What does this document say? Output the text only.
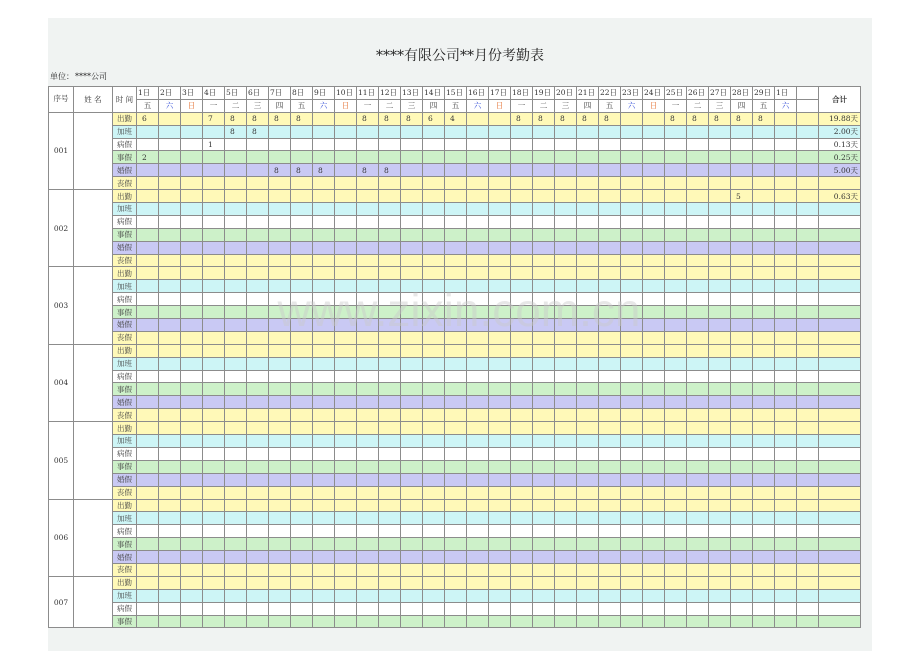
****有限公司**月份考勤表
单位：****公司
序号	姓 名	时 间	1日	2日	3日	4日	5日	6日	7日	8日	9日	10日	11日	12日	13日	14日	15日	16日	17日	18日	19日	20日	21日	22日	23日	24日	25日	26日	27日	28日	29日	1日		合计
			五	六	日	一	二	三	四	五	六	日	一	二	三	四	五	六	日	一	二	三	四	五	六	日	一	二	三	四	五	六		
001		出勤	6			7	8	8	8	8			8	8	8	6	4			8	8	8	8	8			8	8	8	8	8			19.88天
		加班					8	8																										2.00天
		病假				1																												0.13天
		事假	2																															0.25天
		婚假							8	8	8		8	8																				5.00天
		丧假																																
002		出勤																												5				0.63天
		加班																																
		病假																																
		事假																																
		婚假																																
		丧假																																
003		出勤																																
		加班																																
		病假																																
		事假																																
		婚假																																
		丧假																																
004		出勤																																
		加班																																
		病假																																
		事假																																
		婚假																																
		丧假																																
005		出勤																																
		加班																																
		病假																																
		事假																																
		婚假																																
		丧假																																
006		出勤																																
		加班																																
		病假																																
		事假																																
		婚假																																
		丧假																																
007		出勤																																
		加班																																
		病假																																
		事假																																
www.zixin.com.cn
